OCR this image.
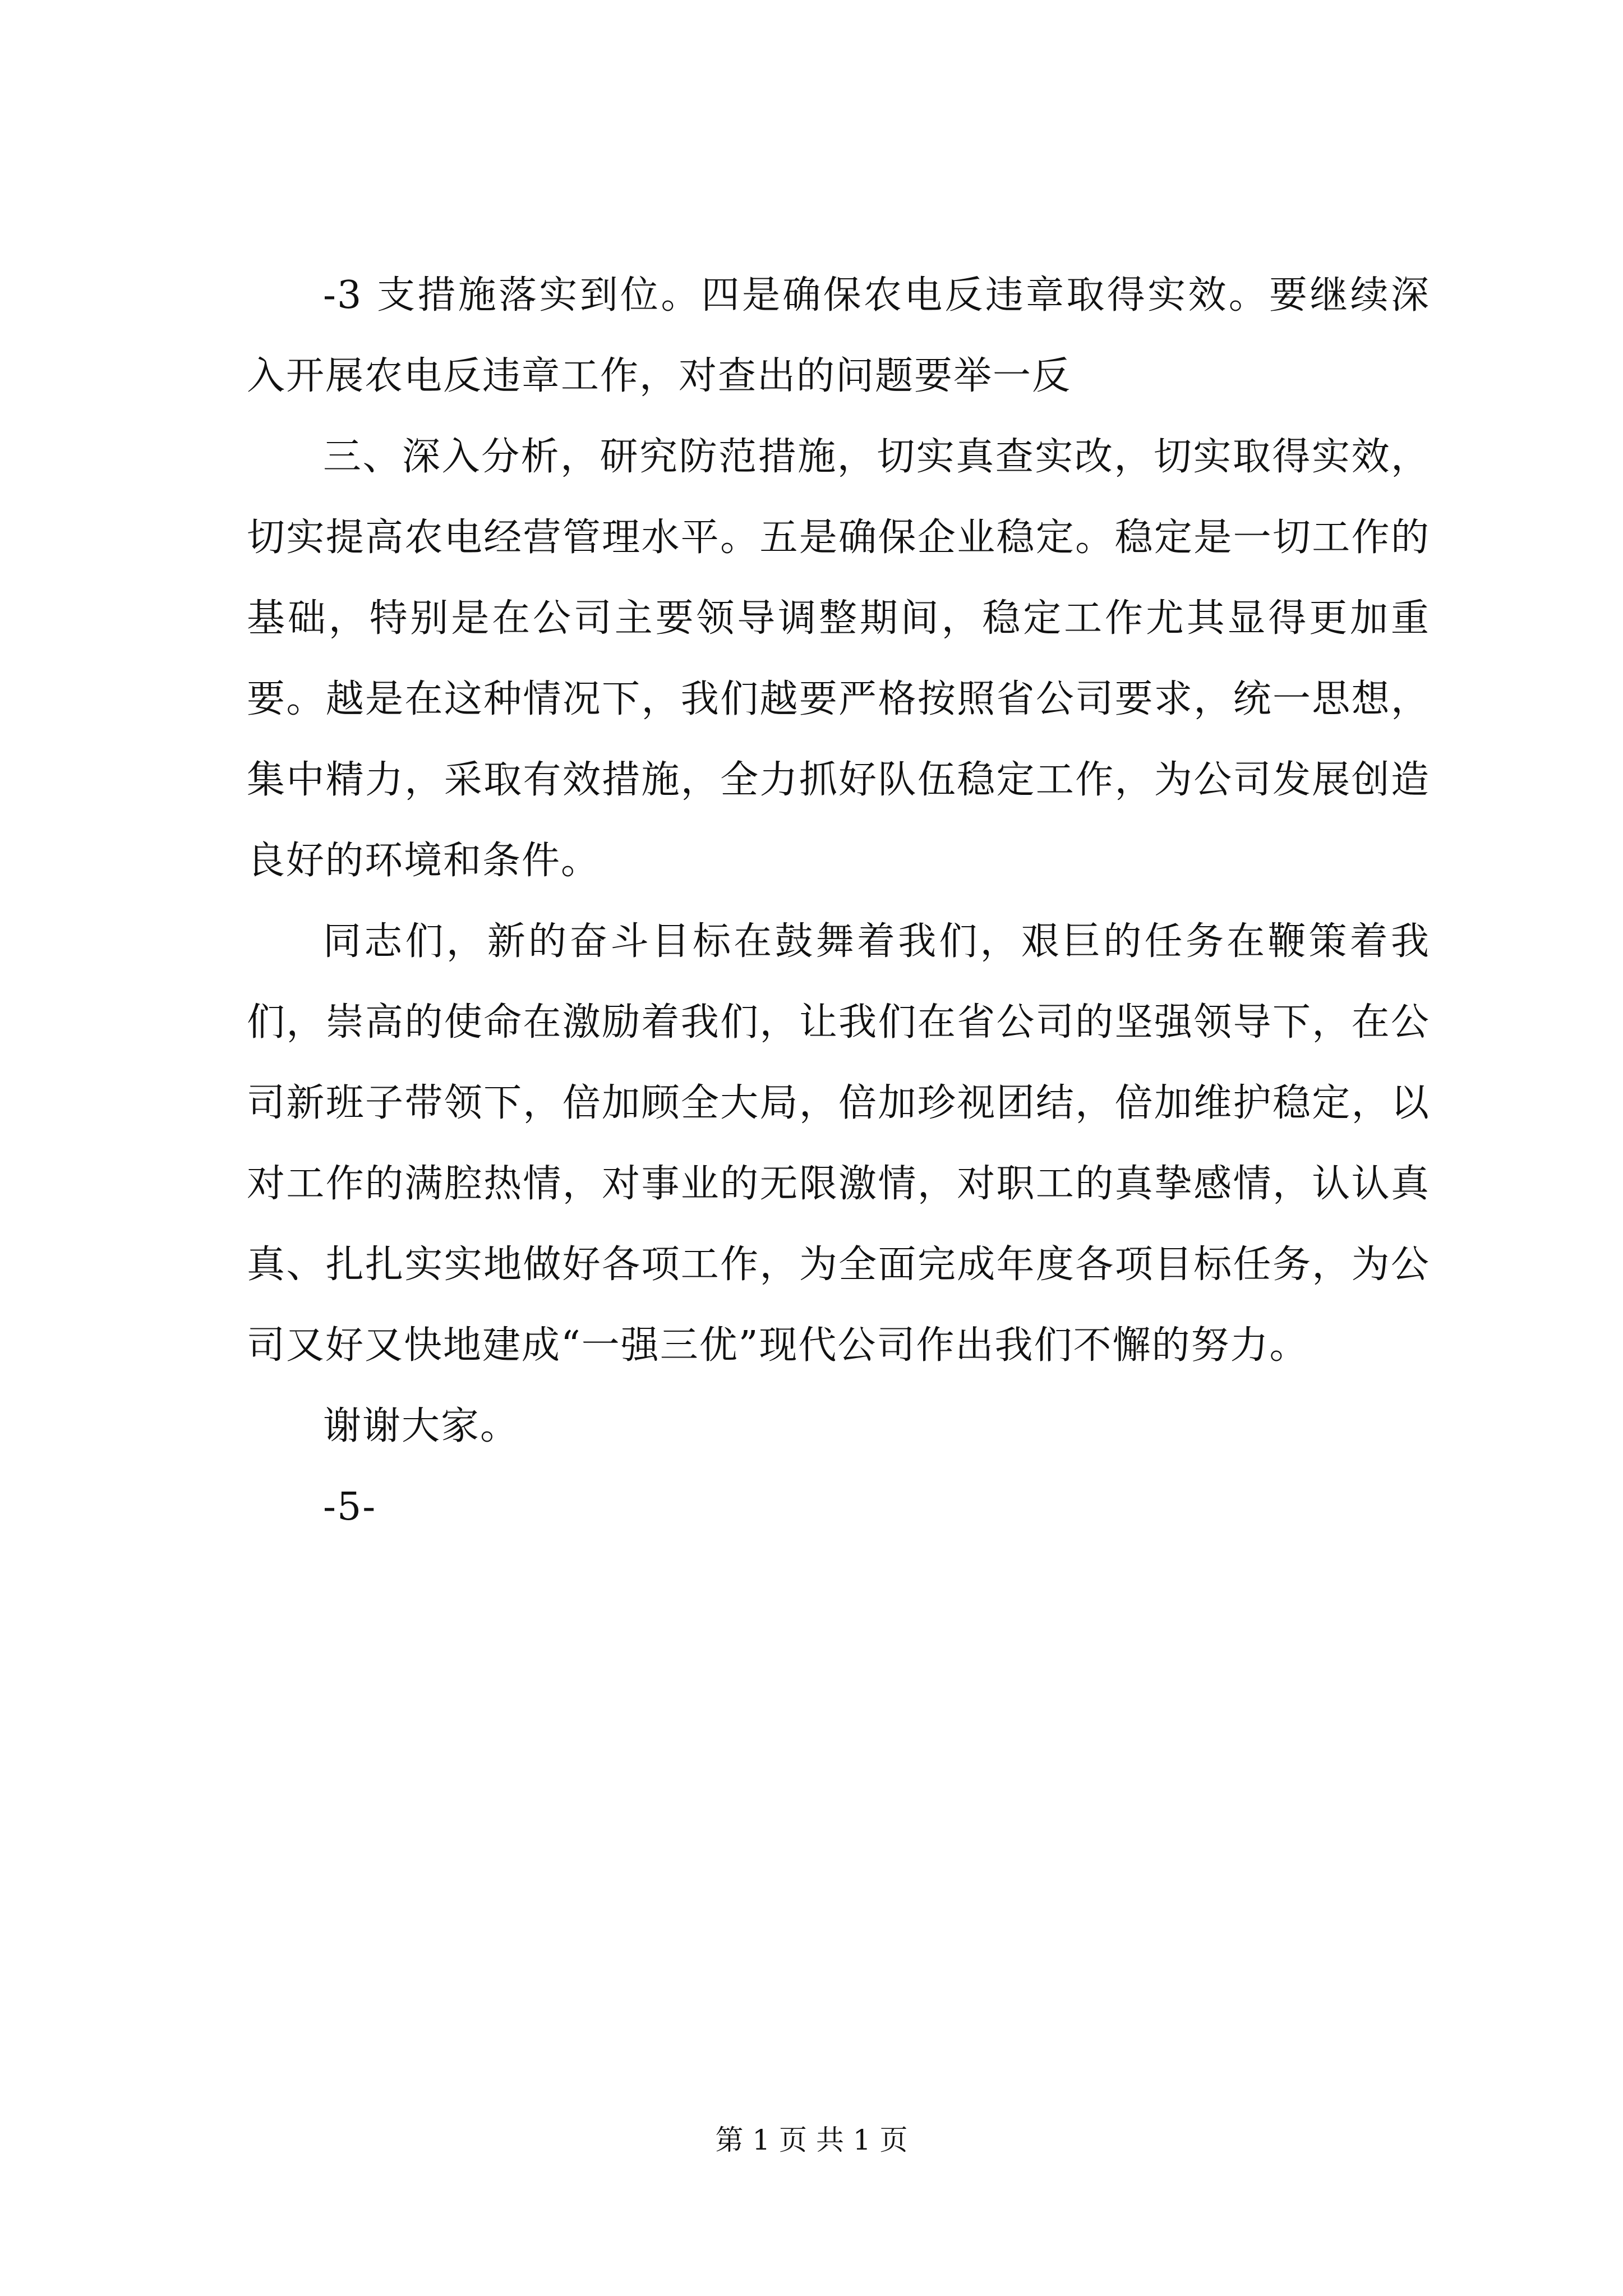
-3 支措施落实到位。四是确保农电反违章取得实效。要继续深入开展农电反违章工作，对查出的问题要举一反

三、深入分析，研究防范措施，切实真查实改，切实取得实效，切实提高农电经营管理水平。五是确保企业稳定。稳定是一切工作的基础，特别是在公司主要领导调整期间，稳定工作尤其显得更加重要。越是在这种情况下，我们越要严格按照省公司要求，统一思想，集中精力，采取有效措施，全力抓好队伍稳定工作，为公司发展创造良好的环境和条件。

同志们，新的奋斗目标在鼓舞着我们，艰巨的任务在鞭策着我们，崇高的使命在激励着我们，让我们在省公司的坚强领导下，在公司新班子带领下，倍加顾全大局，倍加珍视团结，倍加维护稳定，以对工作的满腔热情，对事业的无限激情，对职工的真挚感情，认认真真、扎扎实实地做好各项工作，为全面完成年度各项目标任务，为公司又好又快地建成“一强三优”现代公司作出我们不懈的努力。

谢谢大家。

-5-

第 1 页 共 1 页
